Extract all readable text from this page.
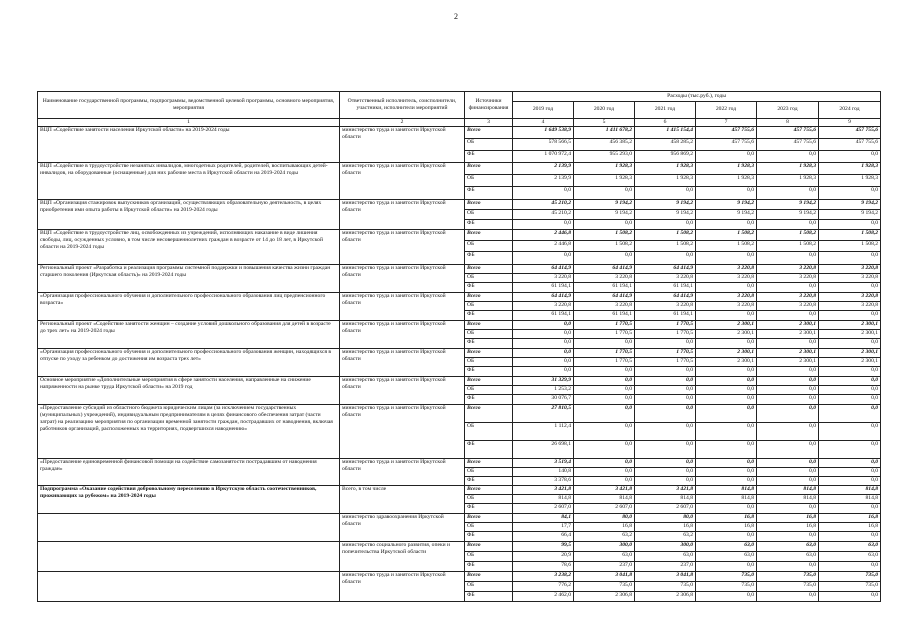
2
Наименование государственной программы, подпрограммы, ведомственной целевой программы, основного мероприятия, мероприятия	Ответственный исполнитель, соисполнители, участники, исполнители мероприятий	Источники финансирования	Расходы (тыс.руб.), годы					
			2019 год	2020 год	2021 год	2022 год	2023 год	2024 год
1	2	3	4	5	6	7	8	9
ВЦП «Содействие занятости населения Иркутской области» на 2019-2024 годы	министерство труда и занятости Иркутской области	Всего	1 649 538,9	1 411 678,2	1 415 154,4	457 755,6	457 755,6	457 755,6
		ОБ	578 566,5	456 385,2	458 285,2	457 755,6	457 755,6	457 755,6
		ФБ	1 070 972,4	955 293,0	956 869,2	0,0	0,0	0,0
ВЦП «Содействие в трудоустройстве незанятых инвалидов, многодетных родителей, родителей, воспитывающих детей-инвалидов, на оборудованные (оснащенные) для них рабочие места в Иркутской области на 2019-2024 годы	министерство труда и занятости Иркутской области	Всего	2 139,9	1 928,3	1 928,3	1 928,3	1 928,3	1 928,3
		ОБ	2 139,9	1 928,3	1 928,3	1 928,3	1 928,3	1 928,3
		ФБ	0,0	0,0	0,0	0,0	0,0	0,0
ВЦП «Организация стажировок выпускников организаций, осуществляющих образовательную деятельность, в целях приобретения ими опыта работы в Иркутской области» на 2019-2024 годы	министерство труда и занятости Иркутской области	Всего	45 210,2	9 194,2	9 194,2	9 194,2	9 194,2	9 194,2
		ОБ	45 210,2	9 194,2	9 194,2	9 194,2	9 194,2	9 194,2
		ФБ	0,0	0,0	0,0	0,0	0,0	0,0
ВЦП «Содействие в трудоустройстве лиц, освобожденных из учреждений, исполняющих наказание в виде лишения свободы, лиц, осужденных условно, в том числе несовершеннолетних граждан в возрасте от 14 до 18 лет, в Иркутской области на 2019-2024 годы	министерство труда и занятости Иркутской области	Всего	2 446,8	1 508,2	1 508,2	1 508,2	1 508,2	1 508,2
		ОБ	2 446,8	1 508,2	1 508,2	1 508,2	1 508,2	1 508,2
		ФБ	0,0	0,0	0,0	0,0	0,0	0,0
Региональный проект «Разработка и реализация программы системной поддержки и повышения качества жизни граждан старшего поколения (Иркутская область)» на 2019-2024 годы	министерство труда и занятости Иркутской области	Всего	64 414,9	64 414,9	64 414,9	3 220,8	3 220,8	3 220,8
		ОБ	3 220,8	3 220,8	3 220,8	3 220,8	3 220,8	3 220,8
		ФБ	61 194,1	61 194,1	61 194,1	0,0	0,0	0,0
«Организация профессионального обучения и дополнительного профессионального образования лиц предпенсионного возраста»	министерство труда и занятости Иркутской области	Всего	64 414,9	64 414,9	64 414,9	3 220,8	3 220,8	3 220,8
		ОБ	3 220,8	3 220,8	3 220,8	3 220,8	3 220,8	3 220,8
		ФБ	61 194,1	61 194,1	61 194,1	0,0	0,0	0,0
Региональный проект «Содействие занятости женщин – создание условий дошкольного образования для детей в возрасте до трех лет» на 2019-2024 годы	министерство труда и занятости Иркутской области	Всего	0,0	1 770,5	1 770,5	2 300,1	2 300,1	2 300,1
		ОБ	0,0	1 770,5	1 770,5	2 300,1	2 300,1	2 300,1
		ФБ	0,0	0,0	0,0	0,0	0,0	0,0
«Организация профессионального обучения и дополнительного профессионального образования женщин, находящихся в отпуске по уходу за ребенком до достижения им возраста трех лет»	министерство труда и занятости Иркутской области	Всего	0,0	1 770,5	1 770,5	2 300,1	2 300,1	2 300,1
		ОБ	0,0	1 770,5	1 770,5	2 300,1	2 300,1	2 300,1
		ФБ	0,0	0,0	0,0	0,0	0,0	0,0
Основное мероприятие «Дополнительные мероприятия в сфере занятости населения, направленные на снижение напряженности на рынке труда Иркутской области» на 2019 год	министерство труда и занятости Иркутской области	Всего	31 329,9	0,0	0,0	0,0	0,0	0,0
		ОБ	1 253,2	0,0	0,0	0,0	0,0	0,0
		ФБ	30 076,7	0,0	0,0	0,0	0,0	0,0
«Предоставление субсидий из областного бюджета юридическим лицам (за исключением государственных (муниципальных) учреждений), индивидуальным предпринимателям в целях финансового обеспечения затрат (части затрат) на реализацию мероприятия по организации временной занятости граждан, пострадавших от наводнения, включая работников организаций, расположенных на территориях, подвергшихся наводнению»	министерство труда и занятости Иркутской области	Всего	27 810,5	0,0	0,0	0,0	0,0	0,0
		ОБ	1 112,4	0,0	0,0	0,0	0,0	0,0
		ФБ	26 698,1	0,0	0,0	0,0	0,0	0,0
«Предоставление единовременной финансовой помощи на содействие самозанятости пострадавшим от наводнения граждан»	министерство труда и занятости Иркутской области	Всего	3 519,4	0,0	0,0	0,0	0,0	0,0
		ОБ	140,8	0,0	0,0	0,0	0,0	0,0
		ФБ	3 378,6	0,0	0,0	0,0	0,0	0,0
Подпрограмма «Оказание содействия добровольному переселению в Иркутскую область соотечественников, проживающих за рубежом» на 2019-2024 годы	Всего, в том числе	Всего	3 421,8	3 421,8	3 421,8	814,8	814,8	814,8
		ОБ	814,8	814,8	814,8	814,8	814,8	814,8
		ФБ	2 607,0	2 607,0	2 607,0	0,0	0,0	0,0
	министерство здравоохранения Иркутской области	Всего	84,1	80,0	80,0	16,8	16,8	16,8
		ОБ	17,7	16,8	16,8	16,8	16,8	16,8
		ФБ	66,4	63,2	63,2	0,0	0,0	0,0
	министерство социального развития, опеки и попечительства Иркутской области	Всего	99,5	300,0	300,0	63,0	63,0	63,0
		ОБ	20,9	63,0	63,0	63,0	63,0	63,0
		ФБ	78,6	237,0	237,0	0,0	0,0	0,0
	министерство труда и занятости Иркутской области	Всего	3 238,2	3 041,8	3 041,8	735,0	735,0	735,0
		ОБ	776,2	735,0	735,0	735,0	735,0	735,0
		ФБ	2 462,0	2 306,8	2 306,8	0,0	0,0	0,0
